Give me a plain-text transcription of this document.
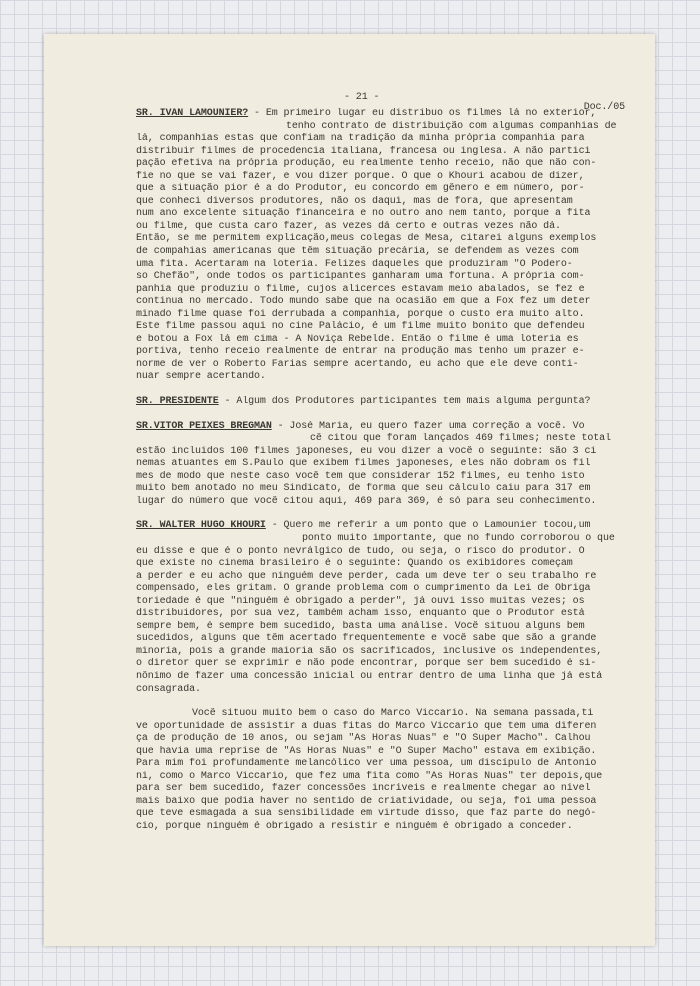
- 21 -
Doc./05
SR. IVAN LAMOUNIER? - Em primeiro lugar eu distribuo os filmes lá no exterior,
tenho contrato de distribuição com algumas companhias de
lá, companhias estas que confiam na tradição da minha própria companhia para
distribuir filmes de procedencia italiana, francesa ou inglesa. A não partici
pação efetiva na própria produção, eu realmente tenho receio, não que não con-
fie no que se vai fazer, e vou dizer porque. O que o Khouri acabou de dizer,
que a situação pior é a do Produtor, eu concordo em gênero e em número, por-
que conheci diversos produtores, não os daqui, mas de fora, que apresentam
num ano excelente situação financeira e no outro ano nem tanto, porque a fita
ou filme, que custa caro fazer, as vezes dá certo e outras vezes não dá.
Então, se me permitem explicação,meus colegas de Mesa, citarei alguns exemplos
de compahias americanas que têm situação precária, se defendem as vezes com
uma fita. Acertaram na loteria. Felizes daqueles que produziram "O Podero-
so Chefão", onde todos os participantes ganharam uma fortuna. A própria com-
panhia que produziu o filme, cujos alicerces estavam meio abalados, se fez e
continua no mercado. Todo mundo sabe que na ocasião em que a Fox fez um deter
minado filme quase foi derrubada a companhia, porque o custo era muito alto.
Este filme passou aqui no cine Palácio, é um filme muito bonito que defendeu
e botou a Fox lá em cima - A Noviça Rebelde. Então o filme é uma loteria es
portiva, tenho receio realmente de entrar na produção mas tenho um prazer e-
norme de ver o Roberto Farias sempre acertando, eu acho que ele deve conti-
nuar sempre acertando.
SR. PRESIDENTE - Algum dos Produtores participantes tem mais alguma pergunta?
SR.VITOR PEIXES BREGMAN - José Maria, eu quero fazer uma correção a você. Vo
cê citou que foram lançados 469 filmes; neste total
estão incluidos 100 filmes japoneses, eu vou dizer a você o seguinte: são 3 ci
nemas atuantes em S.Paulo que exibem filmes japoneses, eles não dobram os fil
mes de modo que neste caso você tem que considerar 152 filmes, eu tenho isto
muito bem anotado no meu Sindicato, de forma que seu cálculo caiu para 317 em
lugar do número que você citou aqui, 469 para 369, é só para seu conhecimento.
SR. WALTER HUGO KHOURI - Quero me referir a um ponto que o Lamounier tocou,um
ponto muito importante, que no fundo corroborou o que
eu disse e que é o ponto nevrálgico de tudo, ou seja, o risco do produtor. O
que existe no cinema brasileiro é o seguinte: Quando os exibidores começam
a perder e eu acho que ninguém deve perder, cada um deve ter o seu trabalho re
compensado, eles gritam. O grande problema com o cumprimento da Lei de Obriga
toriedade é que "ninguém é obrigado a perder", já ouvi isso muitas vezes; os
distribuidores, por sua vez, também acham isso, enquanto que o Produtor está
sempre bem, é sempre bem sucedido, basta uma análise. Você situou alguns bem
sucedidos, alguns que têm acertado frequentemente e você sabe que são a grande
minoria, pois a grande maioria são os sacrificados, inclusive os independentes,
o diretor quer se exprimir e não pode encontrar, porque ser bem sucedido é si-
nônimo de fazer uma concessão inicial ou entrar dentro de uma linha que já está
consagrada.
Você situou muito bem o caso do Marco Viccario. Na semana passada,ti
ve oportunidade de assistir a duas fitas do Marco Viccario que tem uma diferen
ça de produção de 10 anos, ou sejam "As Horas Nuas" e "O Super Macho". Calhou
que havia uma reprise de "As Horas Nuas" e "O Super Macho" estava em exibição.
Para mim foi profundamente melancólico ver uma pessoa, um discípulo de Antonio
ni, como o Marco Viccario, que fez uma fita como "As Horas Nuas" ter depois,que
para ser bem sucedido, fazer concessões incríveis e realmente chegar ao nível
mais baixo que podia haver no sentido de criatividade, ou seja, foi uma pessoa
que teve esmagada a sua sensibilidade em virtude disso, que faz parte do negó-
cio, porque ninguém é obrigado a resistir e ninguém é obrigado a conceder.
